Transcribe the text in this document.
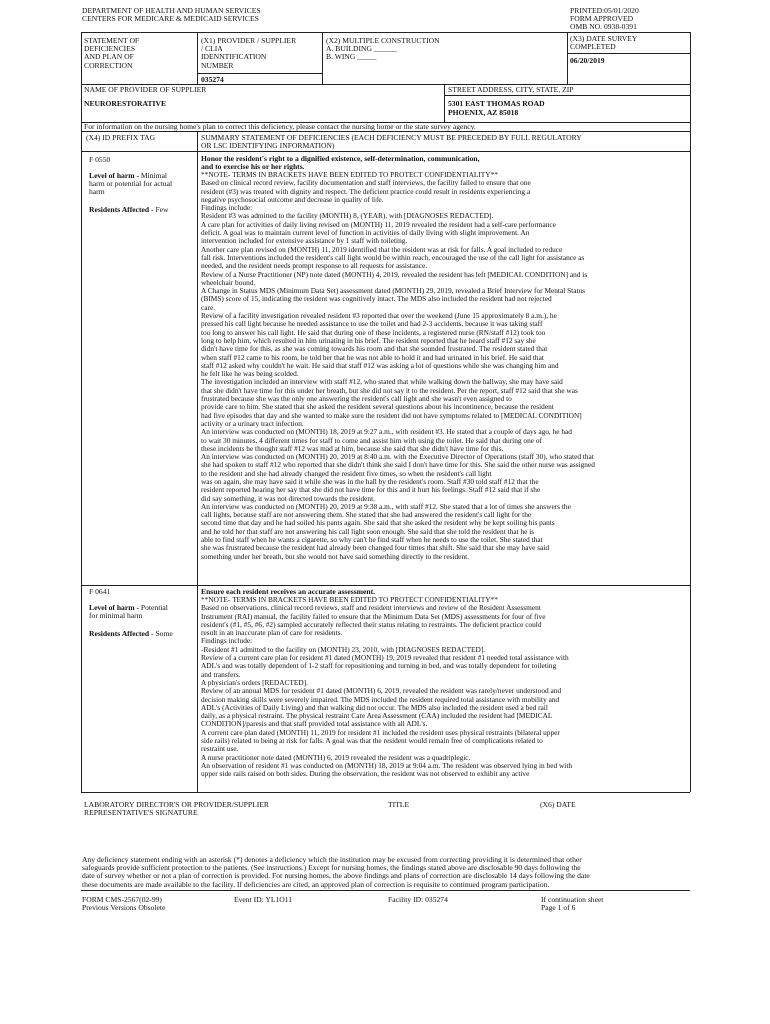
DEPARTMENT OF HEALTH AND HUMAN SERVICES
CENTERS FOR MEDICARE & MEDICAID SERVICES
PRINTED:05/01/2020
FORM APPROVED
OMB NO. 0938-0391
STATEMENT OF
DEFICIENCIES
AND PLAN OF
CORRECTION
(X1) PROVIDER / SUPPLIER
/ CLIA
IDENNTIFICATION
NUMBER
035274
(X2) MULTIPLE CONSTRUCTION
A. BUILDING ______
B. WING _____
(X3) DATE SURVEY
COMPLETED
06/20/2019
NAME OF PROVIDER OF SUPPLIER
NEURORESTORATIVE
STREET ADDRESS, CITY, STATE, ZIP
5301 EAST THOMAS ROAD
PHOENIX, AZ 85018
For information on the nursing home's plan to correct this deficiency, please contact the nursing home or the state survey agency.
(X4) ID PREFIX TAG	SUMMARY STATEMENT OF DEFICIENCIES (EACH DEFICIENCY MUST BE PRECEDED BY FULL REGULATORY
OR LSC IDENTIFYING INFORMATION)
F 0550
Level of harm - Minimal
harm or potential for actual
harm
Residents Affected - Few
Honor the resident's right to a dignified existence, self-determination, communication,
and to exercise his or her rights.
**NOTE- TERMS IN BRACKETS HAVE BEEN EDITED TO PROTECT CONFIDENTIALITY**
Based on clinical record review, facility documentation and staff interviews, the facility failed to ensure that one
resident (#3) was treated with dignity and respect. The deficient practice could result in residents experiencing a
negative psychosocial outcome and decrease in quality of life.
Findings include:
Resident #3 was admitted to the facility (MONTH) 8, (YEAR), with [DIAGNOSES REDACTED].
A care plan for activities of daily living revised on (MONTH) 11, 2019 revealed the resident had a self-care performance
deficit. A goal was to maintain current level of function in activities of daily living with slight improvement. An
intervention included for extensive assistance by 1 staff with toileting.
Another care plan revised on (MONTH) 11, 2019 identified that the resident was at risk for falls. A goal included to reduce
fall risk. Interventions included the resident's call light would be within reach, encouraged the use of the call light for assistance as
needed, and the resident needs prompt response to all requests for assistance.
Review of a Nurse Practitioner (NP) note dated (MONTH) 4, 2019, revealed the resident has left [MEDICAL CONDITION] and is
wheelchair bound.
A Change in Status MDS (Minimum Data Set) assessment dated (MONTH) 29, 2019, revealed a Brief Interview for Mental Status
(BIMS) score of 15, indicating the resident was cognitively intact. The MDS also included the resident had not rejected
care.
Review of a facility investigation revealed resident #3 reported that over the weekend (June 15 approximately 8 a.m.), he
pressed his call light because he needed assistance to use the toilet and had 2-3 accidents, because it was taking staff
too long to answer his call light. He said that during one of these incidents, a registered nurse (RN/staff #12) took too
long to help him, which resulted in him urinating in his brief. The resident reported that he heard staff #12 say she
didn't have time for this, as she was coming towards his room and that she sounded frustrated. The resident stated that
when staff #12 came to his room, he told her that he was not able to hold it and had urinated in his brief. He said that
staff #12 asked why couldn't he wait. He said that staff #12 was asking a lot of questions while she was changing him and
he felt like he was being scolded.
The investigation included an interview with staff #12, who stated that while walking down the hallway, she may have said
that she didn't have time for this under her breath, but she did not say it to the resident. Per the report, staff #12 said that she was
frustrated because she was the only one answering the resident's call light and she wasn't even assigned to
provide care to him. She stated that she asked the resident several questions about his incontinence, because the resident
had five episodes that day and she wanted to make sure the resident did not have symptoms related to [MEDICAL CONDITION]
activity or a urinary tract infection.
An interview was conducted on (MONTH) 18, 2019 at 9:27 a.m., with resident #3. He stated that a couple of days ago, he had
to wait 30 minutes, 4 different times for staff to come and assist him with using the toilet. He said that during one of
these incidents he thought staff #12 was mad at him, because she said that she didn't have time for this.
An interview was conducted on (MONTH) 20, 2019 at 8:40 a.m. with the Executive Director of Operations (staff 30), who stated that
she had spoken to staff #12 who reported that she didn't think she said I don't have time for this. She said the other nurse was assigned
to the resident and she had already changed the resident five times, so when the resident's call light
was on again, she may have said it while she was in the hall by the resident's room. Staff #30 told staff #12 that the
resident reported hearing her say that she did not have time for this and it hurt his feelings. Staff #12 said that if she
did say something, it was not directed towards the resident.
An interview was conducted on (MONTH) 20, 2019 at 9:38 a.m., with staff #12. She stated that a lot of times she answers the
call lights, because staff are not answering them. She stated that she had answered the resident's call light for the
second time that day and he had soiled his pants again. She said that she asked the resident why he kept soiling his pants
and he told her that staff are not answering his call light soon enough. She said that she told the resident that he is
able to find staff when he wants a cigarette, so why can't he find staff when he needs to use the toilet. She stated that
she was frustrated because the resident had already been changed four times that shift. She said that she may have said
something under her breath, but she would not have said something directly to the resident.
F 0641
Level of harm - Potential
for minimal harm
Residents Affected - Some
Ensure each resident receives an accurate assessment.
**NOTE- TERMS IN BRACKETS HAVE BEEN EDITED TO PROTECT CONFIDENTIALITY**
Based on observations, clinical record reviews, staff and resident interviews and review of the Resident Assessment
Instrument (RAI) manual, the facility failed to ensure that the Minimum Data Set (MDS) assessments for four of five
resident's (#1, #5, #6, #2) sampled accurately reflected their status relating to restraints. The deficient practice could
result in an inaccurate plan of care for residents.
Findings include:
-Resident #1 admitted to the facility on (MONTH) 23, 2010, with [DIAGNOSES REDACTED].
Review of a current care plan for resident #1 dated (MONTH) 19, 2019 revealed that resident #1 needed total assistance with
ADL's and was totally dependent of 1-2 staff for repositioning and turning in bed, and was totally dependent for toileting
and transfers.
A physician's orders [REDACTED].
Review of an annual MDS for resident #1 dated (MONTH) 6, 2019, revealed the resident was rarely/never understood and
decision making skills were severely impaired. The MDS included the resident required total assistance with mobility and
ADL's (Activities of Daily Living) and that walking did not occur. The MDS also included the resident used a bed rail
daily, as a physical restraint. The physical restraint Care Area Assessment (CAA) included the resident had [MEDICAL
CONDITION]/paresis and that staff provided total assistance with all ADL's.
A current care plan dated (MONTH) 11, 2019 for resident #1 included the resident uses physical restraints (bilateral upper
side rails) related to being at risk for falls. A goal was that the resident would remain free of complications related to
restraint use.
A nurse practitioner note dated (MONTH) 6, 2019 revealed the resident was a quadriplegic.
An observation of resident #1 was conducted on (MONTH) 18, 2019 at 9:04 a.m. The resident was observed lying in bed with
upper side rails raised on both sides. During the observation, the resident was not observed to exhibit any active
LABORATORY DIRECTOR'S OR PROVIDER/SUPPLIER
REPRESENTATIVE'S SIGNATURE
TITLE	(X6) DATE
Any deficiency statement ending with an asterisk (*) denotes a deficiency which the institution may be excused from correcting providing it is determined that other
safeguards provide sufficient protection to the patients. (See instructions.) Except for nursing homes, the findings stated above are disclosable 90 days following the
date of survey whether or not a plan of correction is provided. For nursing homes, the above findings and plans of correction are disclosable 14 days following the date
these documents are made available to the facility. If deficiencies are cited, an approved plan of correction is requisite to continued program participation.
FORM CMS-2567(02-99)
Previous Versions Obsolete
Event ID: YL1O11	Facility ID: 035274	If continuation sheet
Page 1 of 6
